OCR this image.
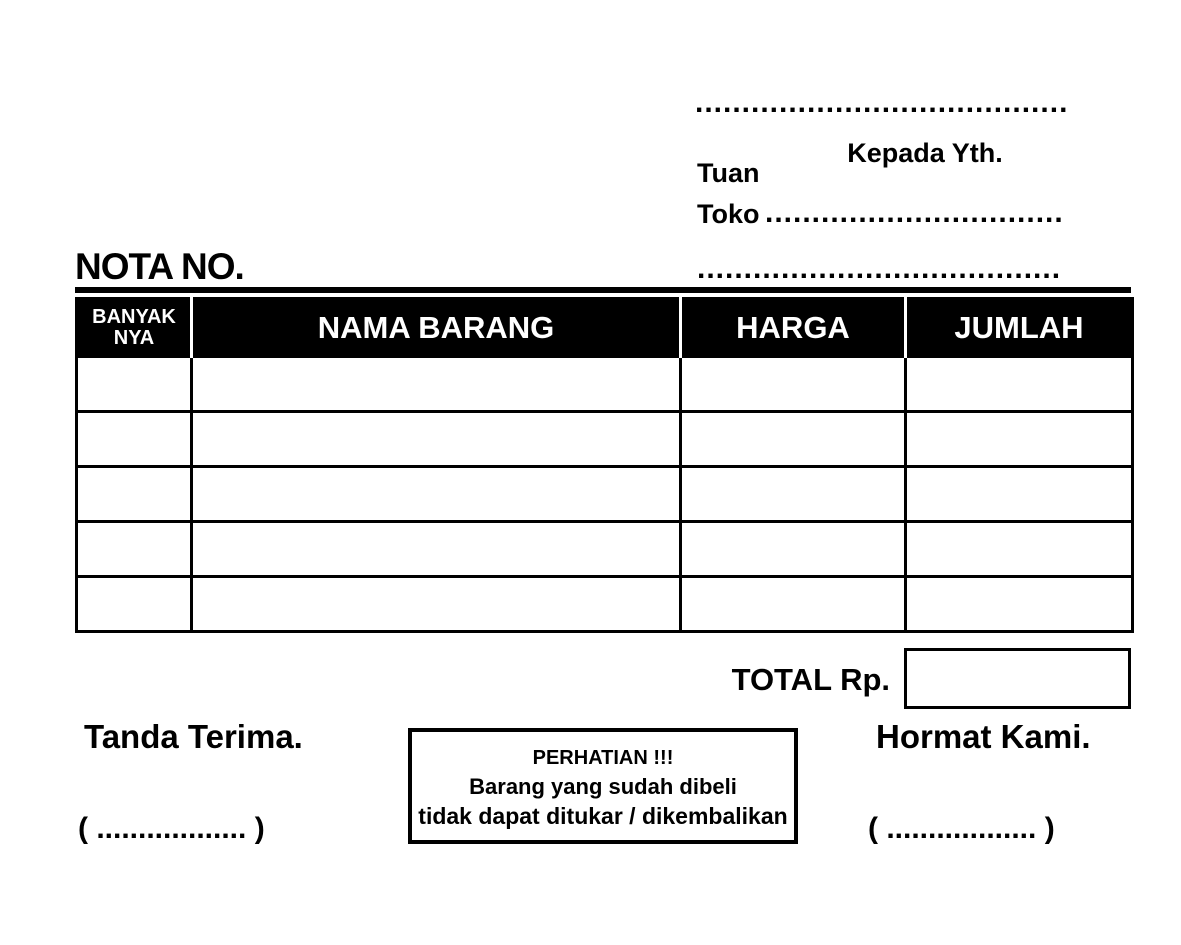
........................................
Kepada Yth.
Tuan
Toko ................................
.......................................
NOTA NO.
BANYAK
NYA	NAMA BARANG	HARGA	JUMLAH

TOTAL Rp.
Tanda Terima.	Hormat Kami.
PERHATIAN !!!
Barang yang sudah dibeli
tidak dapat ditukar / dikembalikan
( .................. )	( .................. )
